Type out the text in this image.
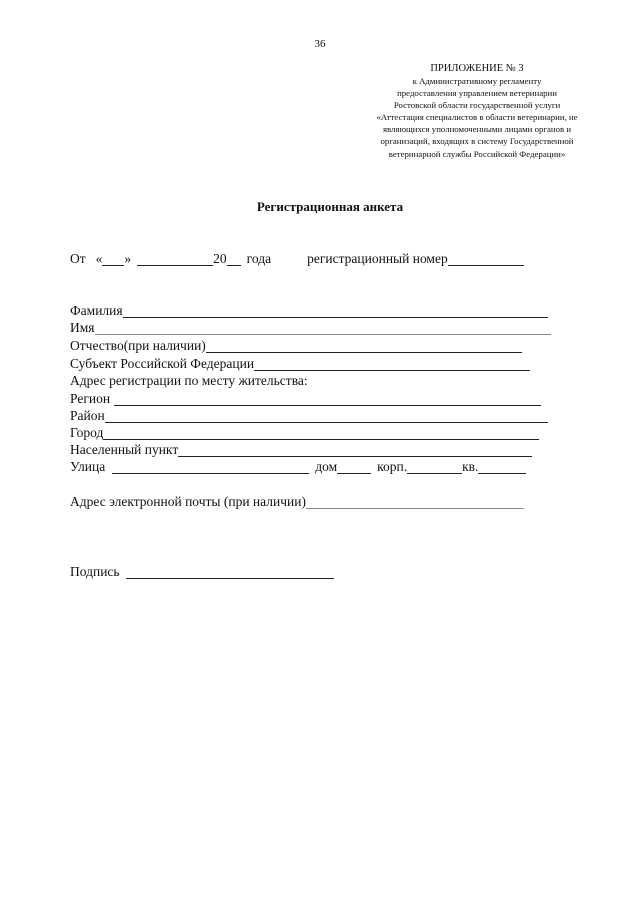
36
ПРИЛОЖЕНИЕ № 3
к Административному регламенту
предоставления управлением ветеринарии
Ростовской области государственной услуги
«Аттестация специалистов в области ветеринарии, не
являющихся уполномоченными лицами органов и
организаций, входящих в систему Государственной
ветеринарной службы Российской Федерации»
Регистрационная анкета
От « »	20 года	регистрационный номер
Фамилия
Имя
Отчество(при наличии)
Субъект Российской Федерации
Адрес регистрации по месту жительства:
Регион
Район
Город
Населенный пункт
Улица	дом	корп.	кв.
Адрес электронной почты (при наличии)
Подпись
